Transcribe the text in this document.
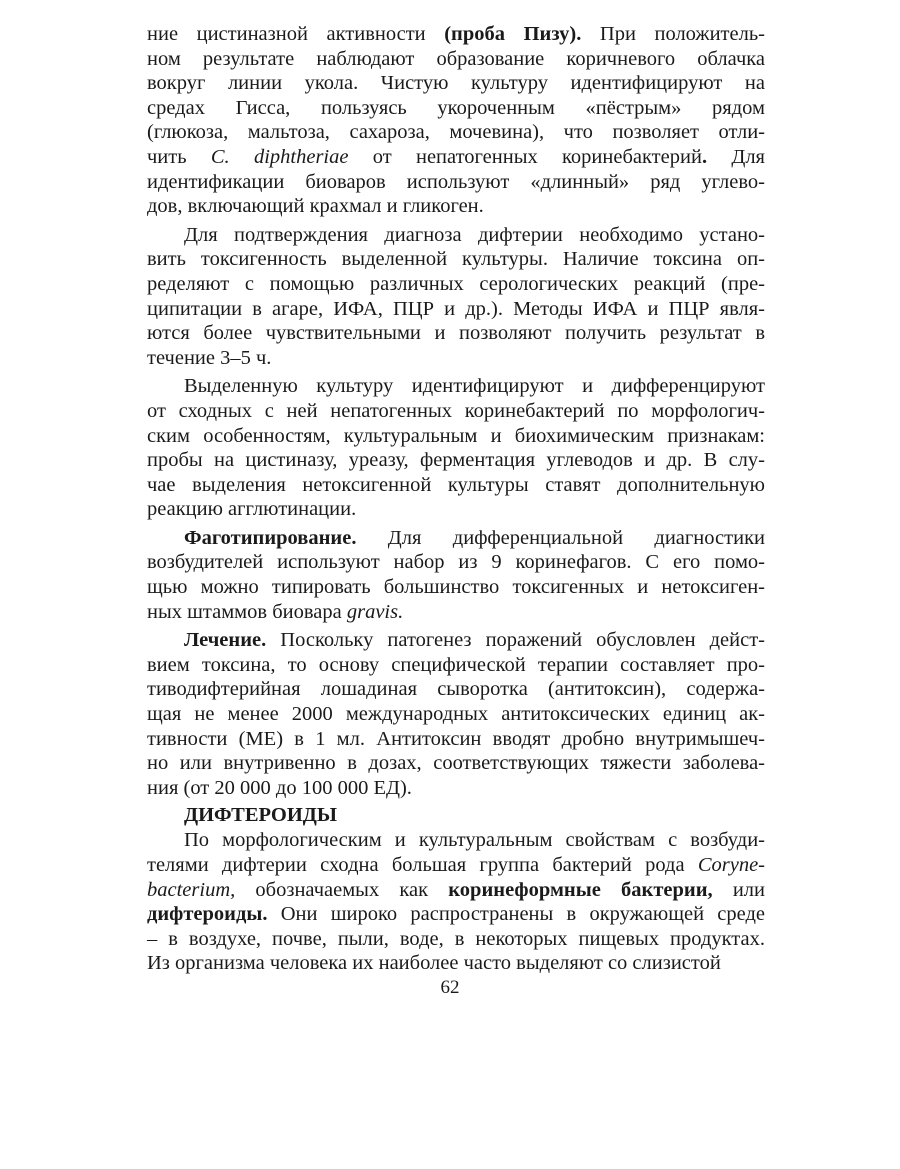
ние цистиназной активности (проба Пизу). При положитель-
ном результате наблюдают образование коричневого облачка
вокруг линии укола. Чистую культуру идентифицируют на
средах Гисса, пользуясь укороченным «пёстрым» рядом
(глюкоза, мальтоза, сахароза, мочевина), что позволяет отли-
чить C. diphtheriae от непатогенных коринебактерий. Для
идентификации биоваров используют «длинный» ряд углево-
дов, включающий крахмал и гликоген.
Для подтверждения диагноза дифтерии необходимо устано-
вить токсигенность выделенной культуры. Наличие токсина оп-
ределяют с помощью различных серологических реакций (пре-
ципитации в агаре, ИФА, ПЦР и др.). Методы ИФА и ПЦР явля-
ются более чувствительными и позволяют получить результат в
течение 3–5 ч.
Выделенную культуру идентифицируют и дифференцируют
от сходных с ней непатогенных коринебактерий по морфологич-
ским особенностям, культуральным и биохимическим признакам:
пробы на цистиназу, уреазу, ферментация углеводов и др. В слу-
чае выделения нетоксигенной культуры ставят дополнительную
реакцию агглютинации.
Фаготипирование. Для дифференциальной диагностики
возбудителей используют набор из 9 коринефагов. С его помо-
щью можно типировать большинство токсигенных и нетоксиген-
ных штаммов биовара gravis.
Лечение. Поскольку патогенез поражений обусловлен дейст-
вием токсина, то основу специфической терапии составляет про-
тиводифтерийная лошадиная сыворотка (антитоксин), содержа-
щая не менее 2000 международных антитоксических единиц ак-
тивности (МЕ) в 1 мл. Антитоксин вводят дробно внутримышеч-
но или внутривенно в дозах, соответствующих тяжести заболева-
ния (от 20 000 до 100 000 ЕД).
ДИФТЕРОИДЫ
По морфологическим и культуральным свойствам с возбуди-
телями дифтерии сходна большая группа бактерий рода Coryne-
bacterium, обозначаемых как коринеформные бактерии, или
дифтероиды. Они широко распространены в окружающей среде
– в воздухе, почве, пыли, воде, в некоторых пищевых продуктах.
Из организма человека их наиболее часто выделяют со слизистой
62
